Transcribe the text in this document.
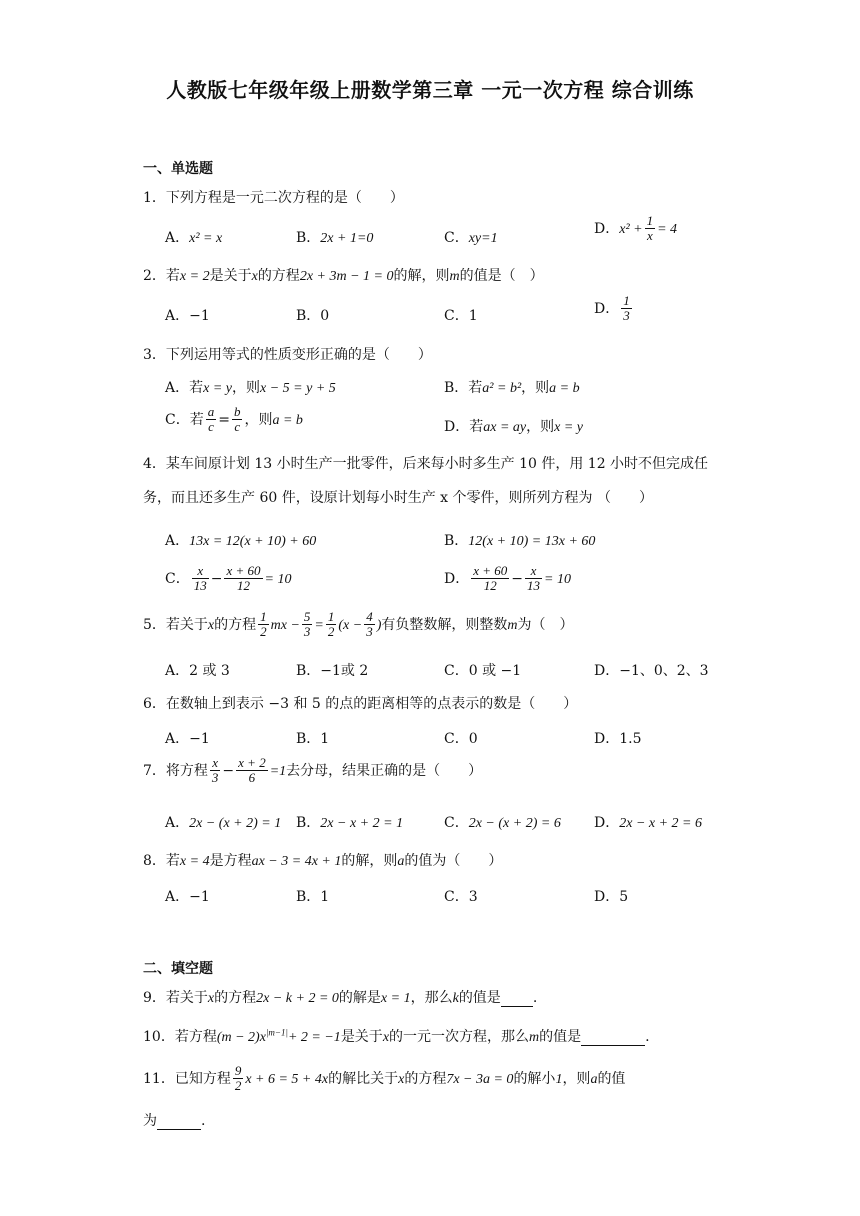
人教版七年级年级上册数学第三章 一元一次方程 综合训练
一、单选题
1．下列方程是一元二次方程的是（　　）
A．x² = x	B．2x + 1=0	C．xy=1
D．$x^2 + \frac{1}{x} = 4$
2．若x = 2是关于x的方程2x + 3m − 1 = 0的解，则m的值是（　）
A．−1	B．0	C．1	D． $\frac{1}{3}$
3．下列运用等式的性质变形正确的是（　　）
A．若x = y，则x − 5 = y + 5	B．若a² = b²，则a = b
C．若 $\frac{a}{c} = \frac{b}{c}$ ，则a = b	D．若ax = ay，则x = y
4．某车间原计划 13 小时生产一批零件，后来每小时多生产 10 件，用 12 小时不但完成任务，而且还多生产 60 件，设原计划每小时生产 x 个零件，则所列方程为 （　　）
A．13x = 12(x + 10) + 60	B．12(x + 10) = 13x + 60
C． $\frac{x}{13} - \frac{x + 60}{12} = 10$	D． $\frac{x + 60}{12} - \frac{x}{13} = 10$
5．若关于x的方程 $\frac{1}{2}$ mx − $\frac{5}{3} = \frac{1}{2} (x - \frac{4}{3}$ )有负整数解，则整数m为（　）
A．2 或 3	B．−1或 2	C．0 或 −1	D．−1、0、2、3
6．在数轴上到表示 −3 和 5 的点的距离相等的点表示的数是（　　）
A．−1	B．1	C．0	D．1.5
7．将方程 $\frac{x}{3} - \frac{x + 2}{6} =1$去分母，结果正确的是（　　）
A．2x − (x + 2) = 1 B．2x − x + 2 = 1	C．2x − (x + 2) = 6 D．2x − x + 2 = 6
8．若x = 4是方程ax − 3 = 4x + 1的解，则a的值为（　　）
A．−1	B．1	C．3	D．5
二、填空题
9．若关于x的方程2x − k + 2 = 0的解是x = 1，那么k的值是 .
10．若方程$(m - 2)x^{|m-1|}+ 2 = -1$是关于x的一元一次方程，那么m的值是	.
11．已知方程 $\frac{9}{2}$ x + 6 = 5 + 4x的解比关于x的方程7x − 3a = 0的解小1，则a的值
为	.
